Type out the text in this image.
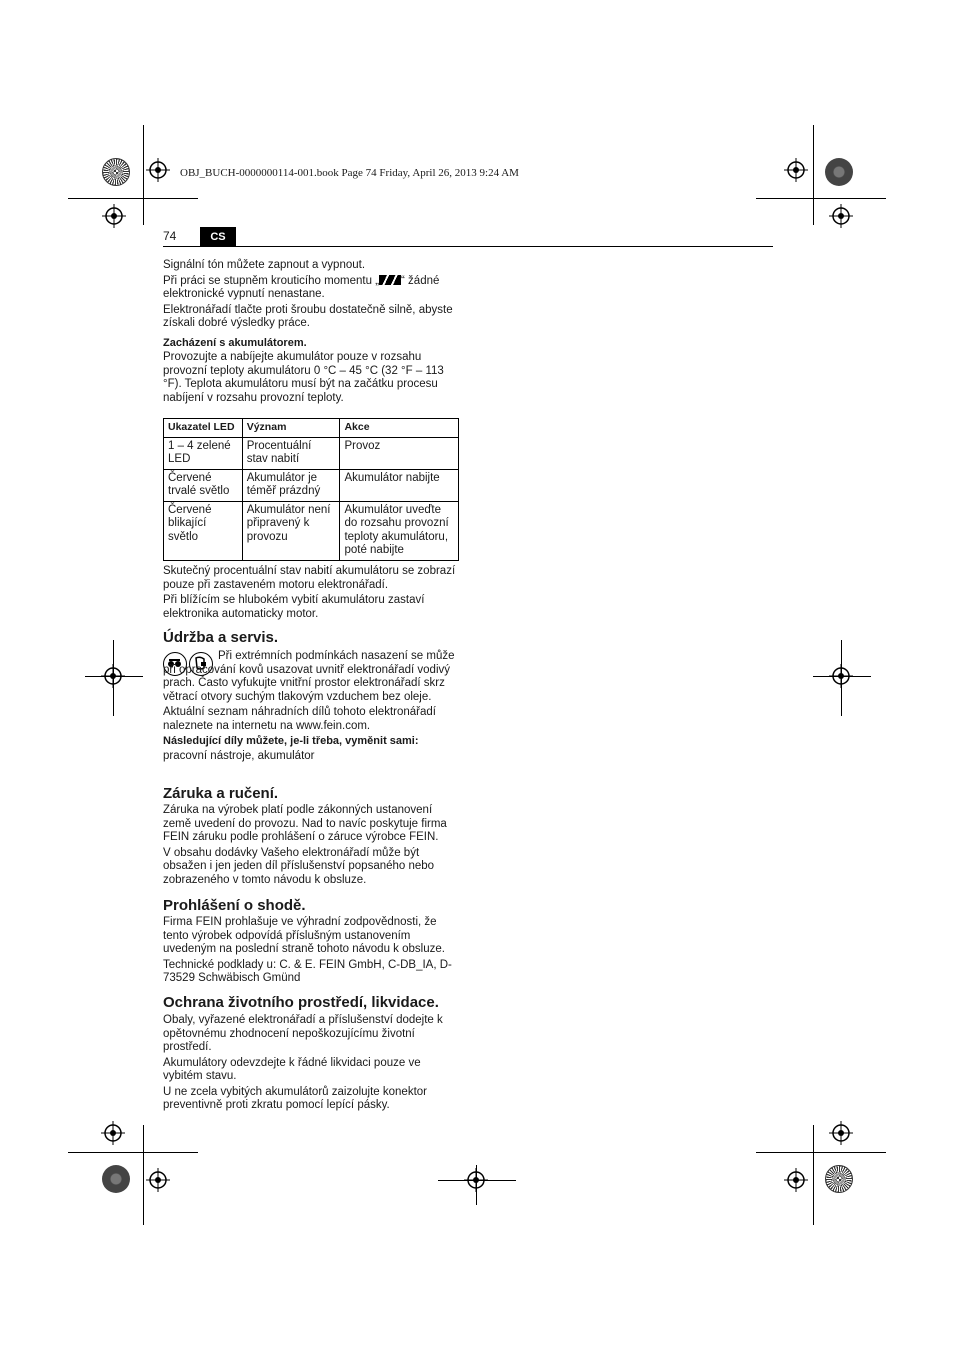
OBJ_BUCH-0000000114-001.book Page 74 Friday, April 26, 2013 9:24 AM
74	CS

Signální tón můžete zapnout a vypnout.

Při práci se stupněm krouticího momentu „ “ žádné elektronické vypnutí nenastane.

Elektronářadí tlačte proti šroubu dostatečně silně, abyste získali dobré výsledky práce.

Zacházení s akumulátorem.

Provozujte a nabíjejte akumulátor pouze v rozsahu provozní teploty akumulátoru 0 °C – 45 °C (32 °F – 113 °F). Teplota akumulátoru musí být na začátku procesu nabíjení v rozsahu provozní teploty.

Ukazatel LED	Význam	Akce
1 – 4 zelené LED	Procentuální stav nabití	Provoz
Červené trvalé světlo	Akumulátor je téměř prázdný	Akumulátor nabijte
Červené blikající světlo	Akumulátor není připravený k provozu	Akumulátor uveďte do rozsahu provozní teploty akumulátoru, poté nabijte

Skutečný procentuální stav nabití akumulátoru se zobrazí pouze při zastaveném motoru elektronářadí.

Při blížícím se hlubokém vybití akumulátoru zastaví elektronika automaticky motor.

Údržba a servis.

Při extrémních podmínkách nasazení se může při opracování kovů usazovat uvnitř elektronářadí vodivý prach. Často vyfukujte vnitřní prostor elektronářadí skrz větrací otvory suchým tlakovým vzduchem bez oleje.

Aktuální seznam náhradních dílů tohoto elektronářadí naleznete na internetu na www.fein.com.

Následující díly můžete, je-li třeba, vyměnit sami:

pracovní nástroje, akumulátor

Záruka a ručení.

Záruka na výrobek platí podle zákonných ustanovení země uvedení do provozu. Nad to navíc poskytuje firma FEIN záruku podle prohlášení o záruce výrobce FEIN.

V obsahu dodávky Vašeho elektronářadí může být obsažen i jen jeden díl příslušenství popsaného nebo zobrazeného v tomto návodu k obsluze.

Prohlášení o shodě.

Firma FEIN prohlašuje ve výhradní zodpovědnosti, že tento výrobek odpovídá příslušným ustanovením uvedeným na poslední straně tohoto návodu k obsluze.

Technické podklady u: C. & E. FEIN GmbH, C-DB_IA, D-73529 Schwäbisch Gmünd

Ochrana životního prostředí, likvidace.

Obaly, vyřazené elektronářadí a příslušenství dodejte k opětovnému zhodnocení nepoškozujícímu životní prostředí.

Akumulátory odevzdejte k řádné likvidaci pouze ve vybitém stavu.

U ne zcela vybitých akumulátorů zaizolujte konektor preventivně proti zkratu pomocí lepící pásky.
